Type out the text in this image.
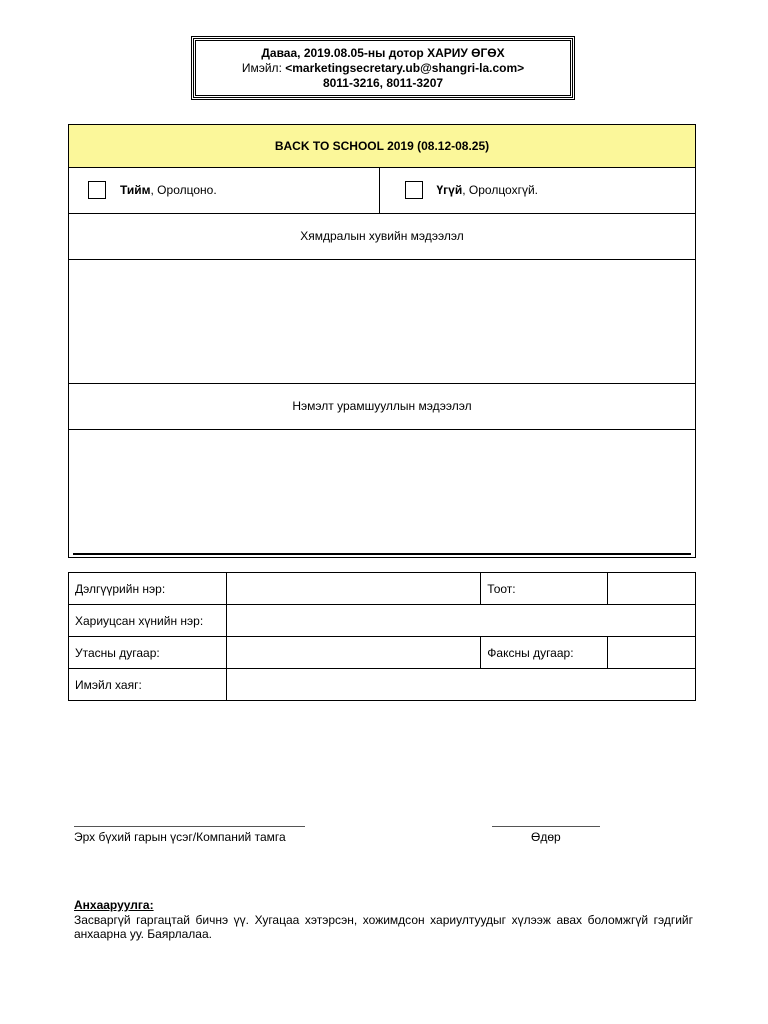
Даваа, 2019.08.05-ны дотор ХАРИУ ӨГӨХ
Имэйл: <marketingsecretary.ub@shangri-la.com>
8011-3216, 8011-3207
BACK TO SCHOOL 2019 (08.12-08.25)
Тийм, Оролцоно.	Үгүй, Оролцохгүй.
Хямдралын хувийн мэдээлэл
Нэмэлт урамшууллын мэдээлэл
Дэлгүүрийн нэр:		Тоот:	
Хариуцсан хүнийн нэр:			
Утасны дугаар:		Факсны дугаар:	
Имэйл хаяг:			
Эрх бүхий гарын үсэг/Компаний тамга	Өдөр
Анхааруулга:
Засваргүй гаргацтай бичнэ үү. Хугацаа хэтэрсэн, хожимдсон хариултуудыг хүлээж авах боломжгүй гэдгийг анхаарна уу. Баярлалаа.
